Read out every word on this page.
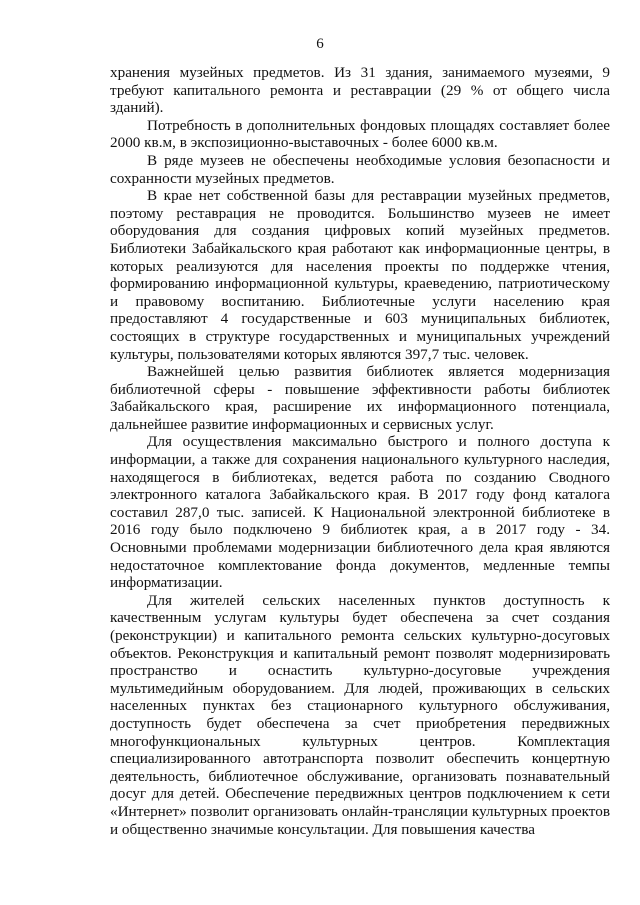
6

хранения музейных предметов. Из 31 здания, занимаемого музеями, 9 требуют капитального ремонта и реставрации (29 % от общего числа зданий).

Потребность в дополнительных фондовых площадях составляет более 2000 кв.м, в экспозиционно-выставочных - более 6000 кв.м.

В ряде музеев не обеспечены необходимые условия безопасности и сохранности музейных предметов.

В крае нет собственной базы для реставрации музейных предметов, поэтому реставрация не проводится. Большинство музеев не имеет оборудования для создания цифровых копий музейных предметов. Библиотеки Забайкальского края работают как информационные центры, в которых реализуются для населения проекты по поддержке чтения, формированию информационной культуры, краеведению, патриотическому и правовому воспитанию. Библиотечные услуги населению края предоставляют 4 государственные и 603 муниципальных библиотек, состоящих в структуре государственных и муниципальных учреждений культуры, пользователями которых являются 397,7 тыс. человек.

Важнейшей целью развития библиотек является модернизация библиотечной сферы - повышение эффективности работы библиотек Забайкальского края, расширение их информационного потенциала, дальнейшее развитие информационных и сервисных услуг.

Для осуществления максимально быстрого и полного доступа к информации, а также для сохранения национального культурного наследия, находящегося в библиотеках, ведется работа по созданию Сводного электронного каталога Забайкальского края. В 2017 году фонд каталога составил 287,0 тыс. записей. К Национальной электронной библиотеке в 2016 году было подключено 9 библиотек края, а в 2017 году - 34. Основными проблемами модернизации библиотечного дела края являются недостаточное комплектование фонда документов, медленные темпы информатизации.

Для жителей сельских населенных пунктов доступность к качественным услугам культуры будет обеспечена за счет создания (реконструкции) и капитального ремонта сельских культурно-досуговых объектов. Реконструкция и капитальный ремонт позволят модернизировать пространство и оснастить культурно-досуговые учреждения мультимедийным оборудованием. Для людей, проживающих в сельских населенных пунктах без стационарного культурного обслуживания, доступность будет обеспечена за счет приобретения передвижных многофункциональных культурных центров. Комплектация специализированного автотранспорта позволит обеспечить концертную деятельность, библиотечное обслуживание, организовать познавательный досуг для детей. Обеспечение передвижных центров подключением к сети «Интернет» позволит организовать онлайн-трансляции культурных проектов и общественно значимые консультации. Для повышения качества
